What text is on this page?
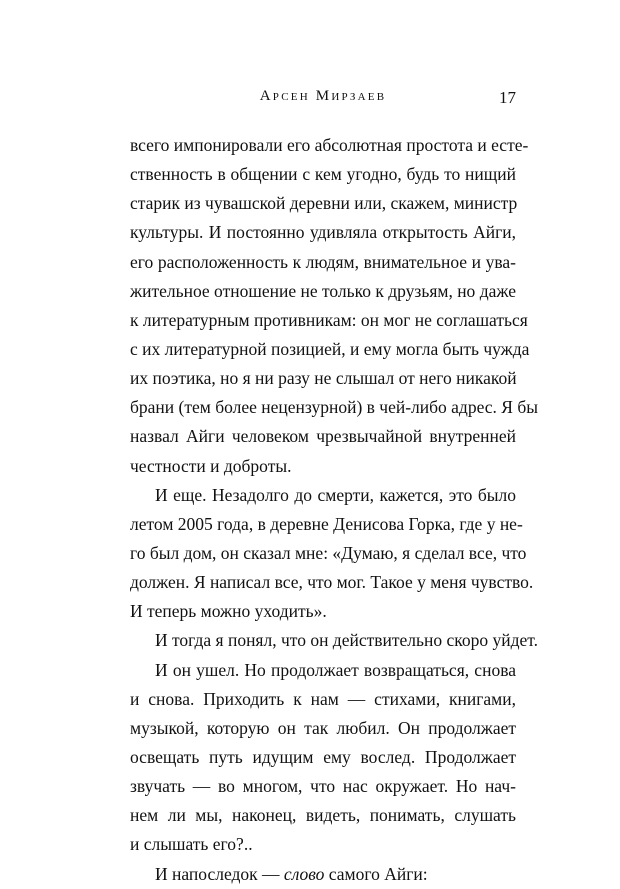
Арсен Мирзаев	17
всего импонировали его абсолютная простота и есте-
ственность в общении с кем угодно, будь то нищий
старик из чувашской деревни или, скажем, министр
культуры. И постоянно удивляла открытость Айги,
его расположенность к людям, внимательное и ува-
жительное отношение не только к друзьям, но даже
к литературным противникам: он мог не соглашаться
с их литературной позицией, и ему могла быть чужда
их поэтика, но я ни разу не слышал от него никакой
брани (тем более нецензурной) в чей-либо адрес. Я бы
назвал Айги человеком чрезвычайной внутренней
честности и доброты.
И еще. Незадолго до смерти, кажется, это было
летом 2005 года, в деревне Денисова Горка, где у не-
го был дом, он сказал мне: «Думаю, я сделал все, что
должен. Я написал все, что мог. Такое у меня чувство.
И теперь можно уходить».
И тогда я понял, что он действительно скоро уйдет.
И он ушел. Но продолжает возвращаться, снова
и снова. Приходить к нам — стихами, книгами,
музыкой, которую он так любил. Он продолжает
освещать путь идущим ему вослед. Продолжает
звучать — во многом, что нас окружает. Но нач-
нем ли мы, наконец, видеть, понимать, слушать
и слышать его?..
И напоследок — слово самого Айги:
